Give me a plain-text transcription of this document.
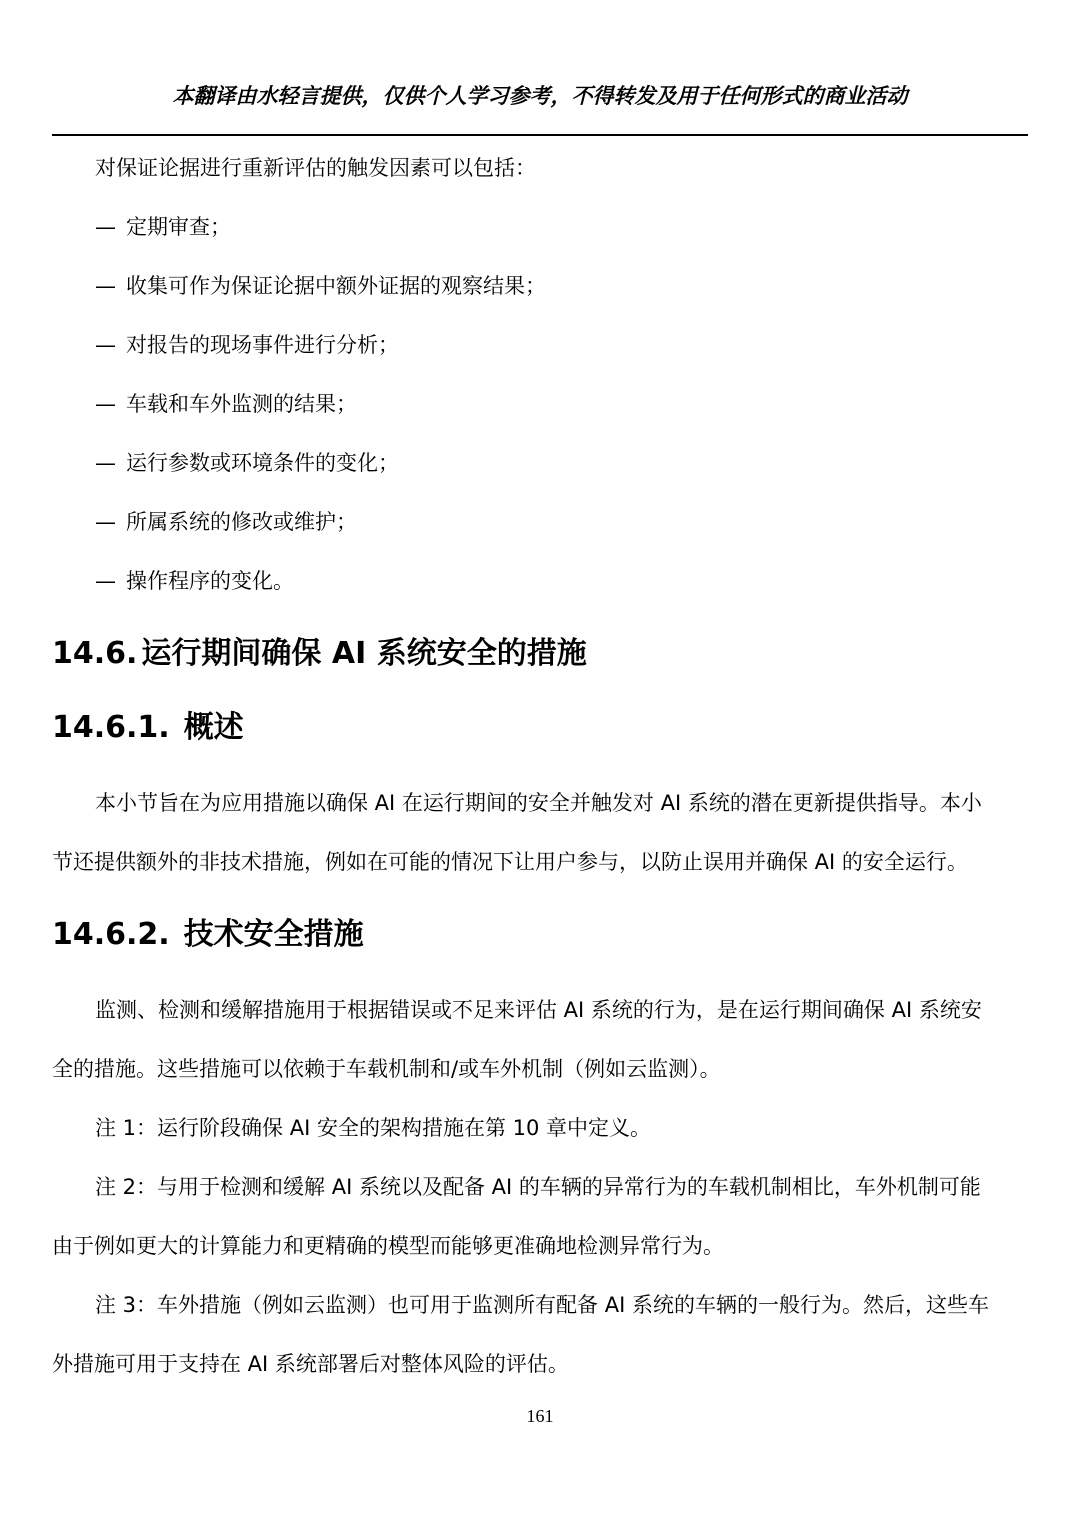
本翻译由水轻言提供，仅供个人学习参考，不得转发及用于任何形式的商业活动
对保证论据进行重新评估的触发因素可以包括：
— 定期审查；
— 收集可作为保证论据中额外证据的观察结果；
— 对报告的现场事件进行分析；
— 车载和车外监测的结果；
— 运行参数或环境条件的变化；
— 所属系统的修改或维护；
— 操作程序的变化。
14.6. 运行期间确保 AI 系统安全的措施
14.6.1. 概述
本小节旨在为应用措施以确保 AI 在运行期间的安全并触发对 AI 系统的潜在更新提供指导。本小
节还提供额外的非技术措施，例如在可能的情况下让用户参与，以防止误用并确保 AI 的安全运行。
14.6.2. 技术安全措施
监测、检测和缓解措施用于根据错误或不足来评估 AI 系统的行为，是在运行期间确保 AI 系统安
全的措施。这些措施可以依赖于车载机制和/或车外机制（例如云监测）。
注 1：运行阶段确保 AI 安全的架构措施在第 10 章中定义。
注 2：与用于检测和缓解 AI 系统以及配备 AI 的车辆的异常行为的车载机制相比，车外机制可能
由于例如更大的计算能力和更精确的模型而能够更准确地检测异常行为。
注 3：车外措施（例如云监测）也可用于监测所有配备 AI 系统的车辆的一般行为。然后，这些车
外措施可用于支持在 AI 系统部署后对整体风险的评估。
161
